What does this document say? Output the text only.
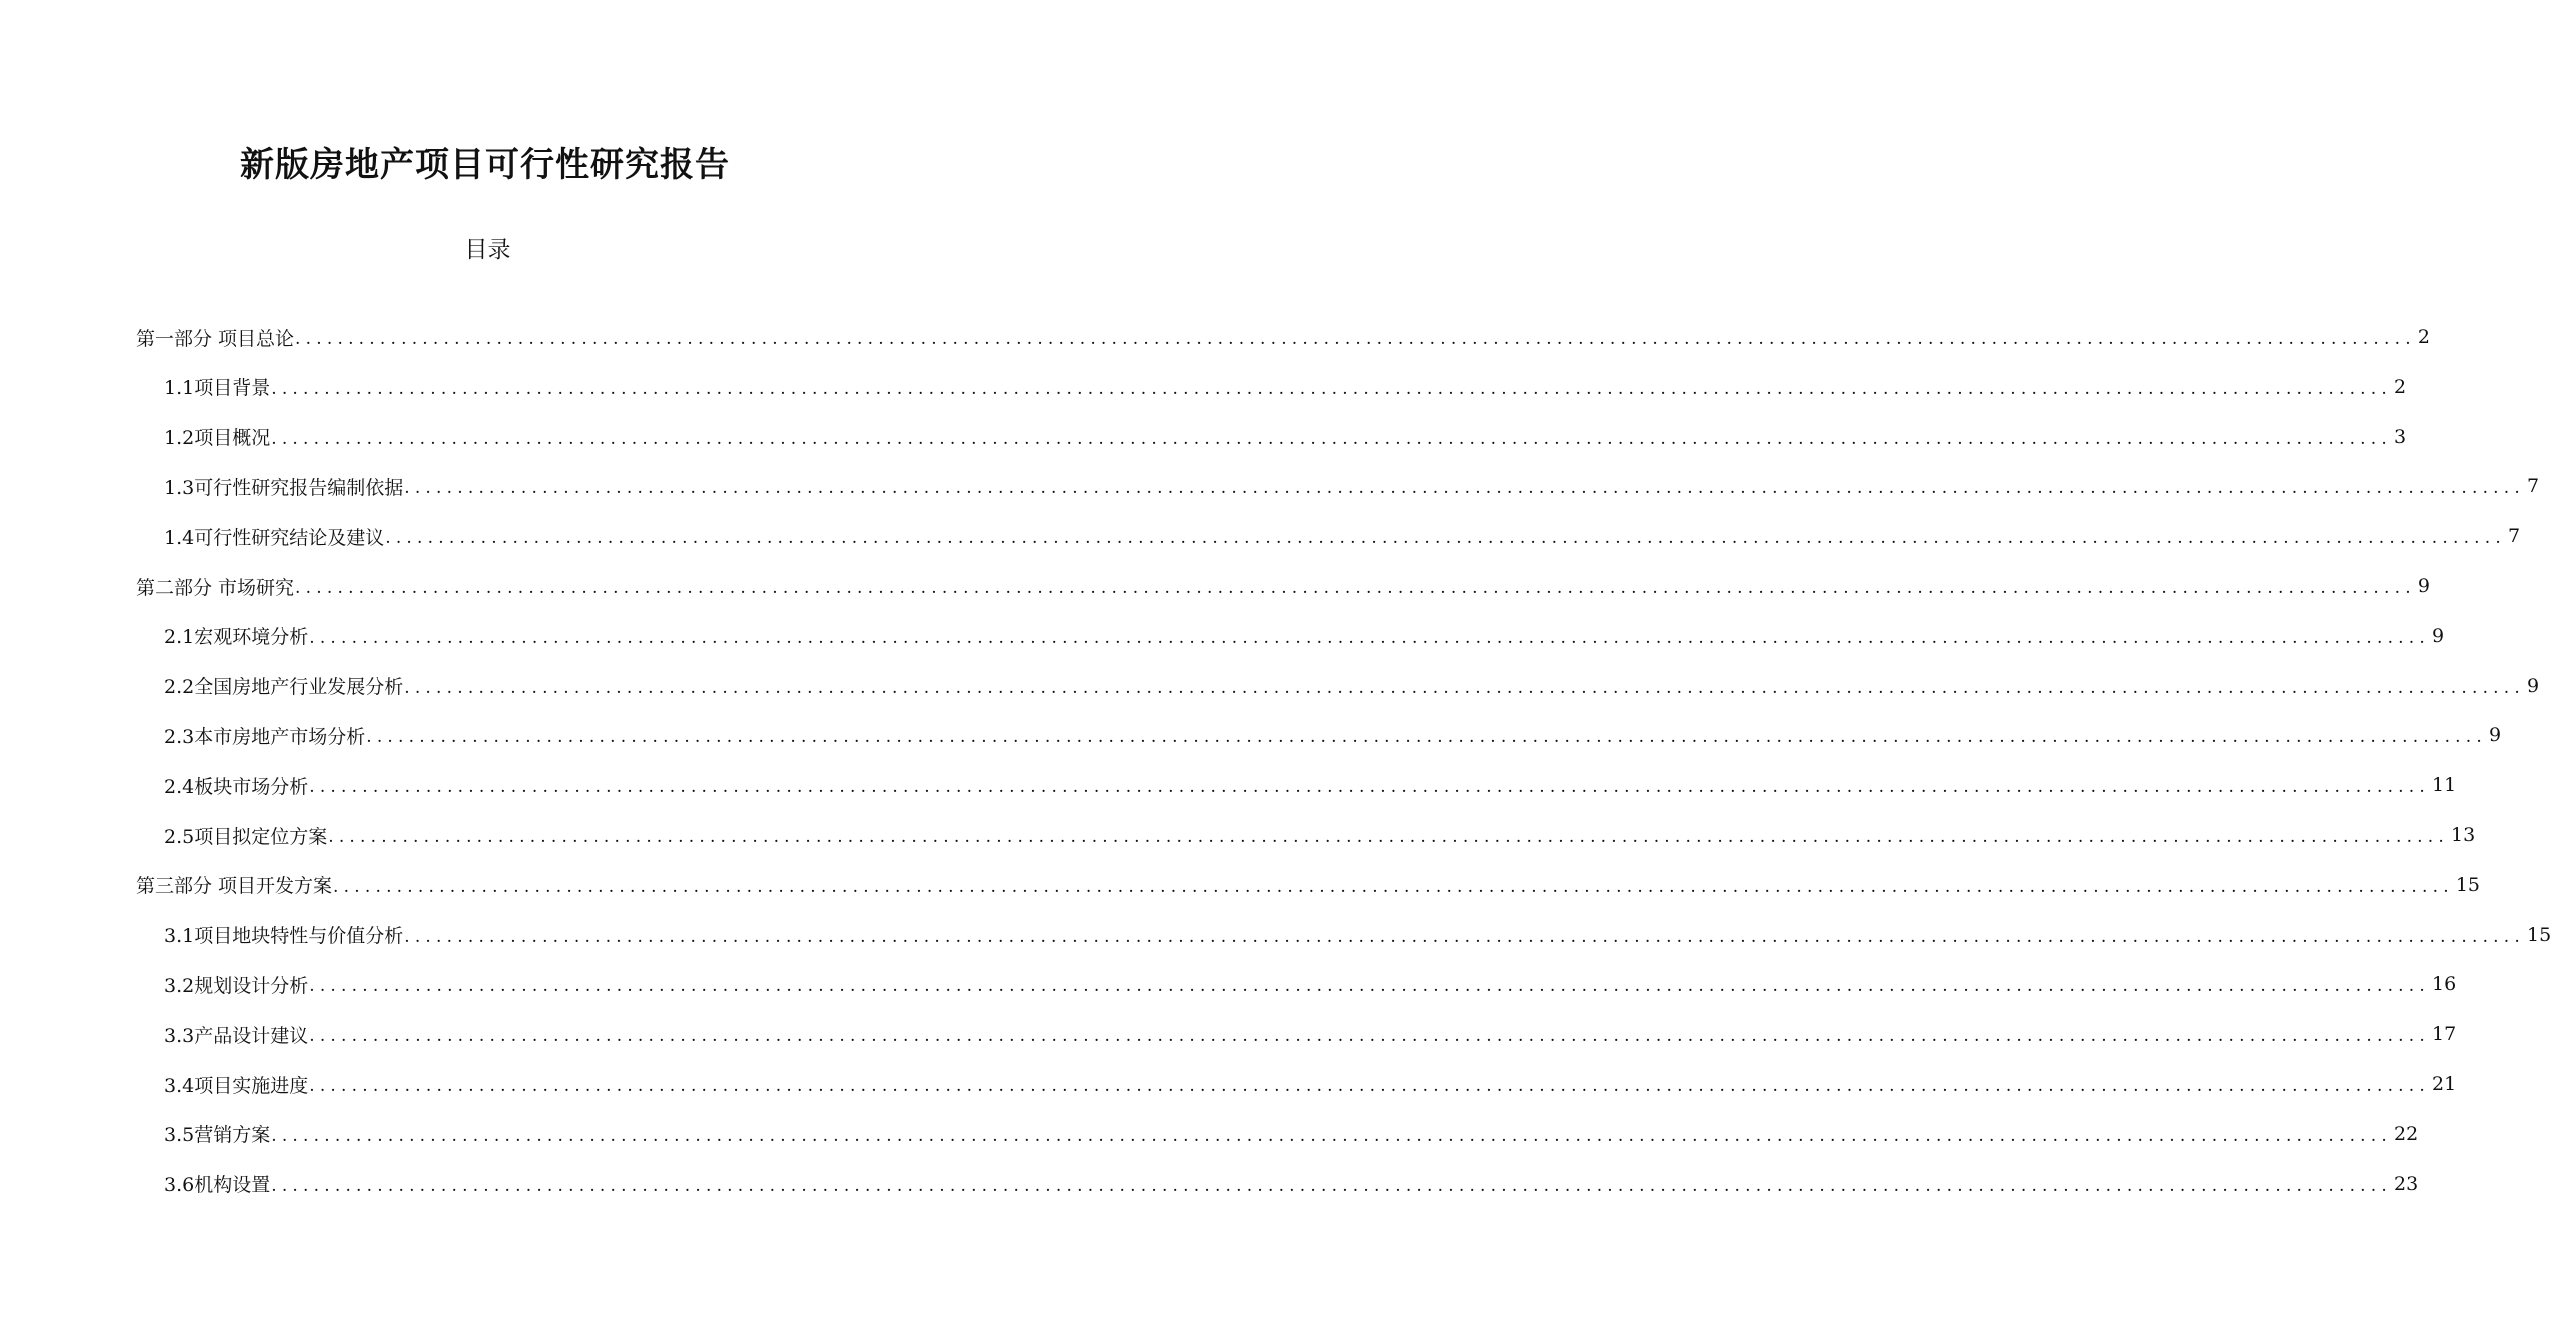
新版房地产项目可行性研究报告
目录
第一部分 项目总论 ........................................................................................................................................................................................................ 2
1.1项目背景 ........................................................................................................................................................................................................ 2
1.2项目概况 ........................................................................................................................................................................................................ 3
1.3可行性研究报告编制依据 ........................................................................................................................................................................................................ 7
1.4可行性研究结论及建议 ........................................................................................................................................................................................................ 7
第二部分 市场研究 ........................................................................................................................................................................................................ 9
2.1宏观环境分析 ........................................................................................................................................................................................................ 9
2.2全国房地产行业发展分析 ........................................................................................................................................................................................................ 9
2.3本市房地产市场分析 ........................................................................................................................................................................................................ 9
2.4板块市场分析 ........................................................................................................................................................................................................ 11
2.5项目拟定位方案 ........................................................................................................................................................................................................ 13
第三部分 项目开发方案 ........................................................................................................................................................................................................ 15
3.1项目地块特性与价值分析 ........................................................................................................................................................................................................ 15
3.2规划设计分析 ........................................................................................................................................................................................................ 16
3.3产品设计建议 ........................................................................................................................................................................................................ 17
3.4项目实施进度 ........................................................................................................................................................................................................ 21
3.5营销方案 ........................................................................................................................................................................................................ 22
3.6机构设置 ........................................................................................................................................................................................................ 23
